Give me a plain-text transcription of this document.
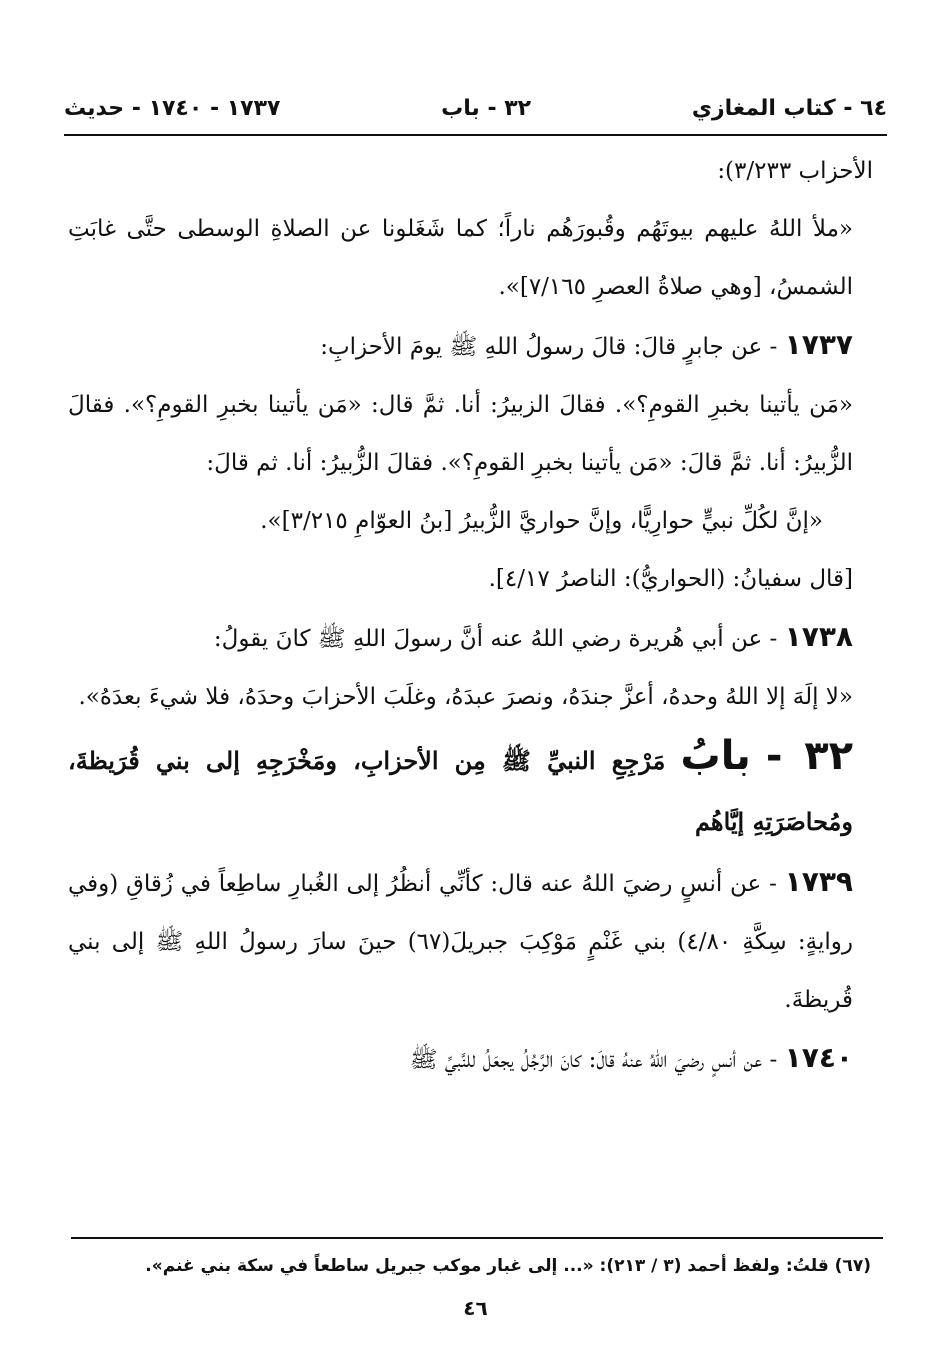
٦٤ - كتاب المغازي
٣٢ - باب
١٧٣٧ - ١٧٤٠ - حديث

الأحزاب ٣/٢٣٣):

«ملأ اللهُ عليهم بيوتَهُم وقُبورَهُم ناراً؛ كما شَغَلونا عن الصلاةِ الوسطى حتَّى غابَتِ الشمسُ، [وهي صلاةُ العصرِ ٧/١٦٥]».

١٧٣٧ - عن جابرٍ قالَ: قالَ رسولُ اللهِ ﷺ يومَ الأحزابِ:

«مَن يأتينا بخبرِ القومِ؟». فقالَ الزبيرُ: أنا. ثمَّ قال: «مَن يأتينا بخبرِ القومِ؟». فقالَ الزُّبيرُ: أنا. ثمَّ قالَ: «مَن يأتينا بخبرِ القومِ؟». فقالَ الزُّبيرُ: أنا. ثم قالَ:

«إنَّ لكُلِّ نبيٍّ حوارِيًّا، وإنَّ حواريَّ الزُّبيرُ [بنُ العوّامِ ٣/٢١٥]».

[قال سفيانُ: (الحواريُّ): الناصرُ ٤/١٧].

١٧٣٨ - عن أبي هُريرة رضي اللهُ عنه أنَّ رسولَ اللهِ ﷺ كانَ يقولُ:

«لا إلَهَ إلا اللهُ وحدهُ، أعزَّ جندَهُ، ونصرَ عبدَهُ، وغلَبَ الأحزابَ وحدَهُ، فلا شيءَ بعدَهُ».

٣٢ - بابُ مَرْجِعِ النبيِّ ﷺ مِن الأحزابِ، ومَخْرَجِهِ إلى بني قُرَيظةَ، ومُحاصَرَتِهِ إيَّاهُم

١٧٣٩ - عن أنسٍ رضيَ اللهُ عنه قال: كأنِّي أنظُرُ إلى الغُبارِ ساطِعاً في زُقاقِ (وفي روايةٍ: سِكَّةِ ٤/٨٠) بني غَنْمٍ مَوْكِبَ جبريلَ(٦٧) حينَ سارَ رسولُ اللهِ ﷺ إلى بني قُريظةَ.

١٧٤٠ - عن أنسٍ رضيَ اللهُ عنهُ قالَ: كانَ الرَّجُلُ يجعَلُ للنَّبيِّ ﷺ

(٦٧) قلتُ: ولفظ أحمد (٣ / ٢١٣): «... إلى غبار موكب جبريل ساطعاً في سكة بني غنم».
٤٦
